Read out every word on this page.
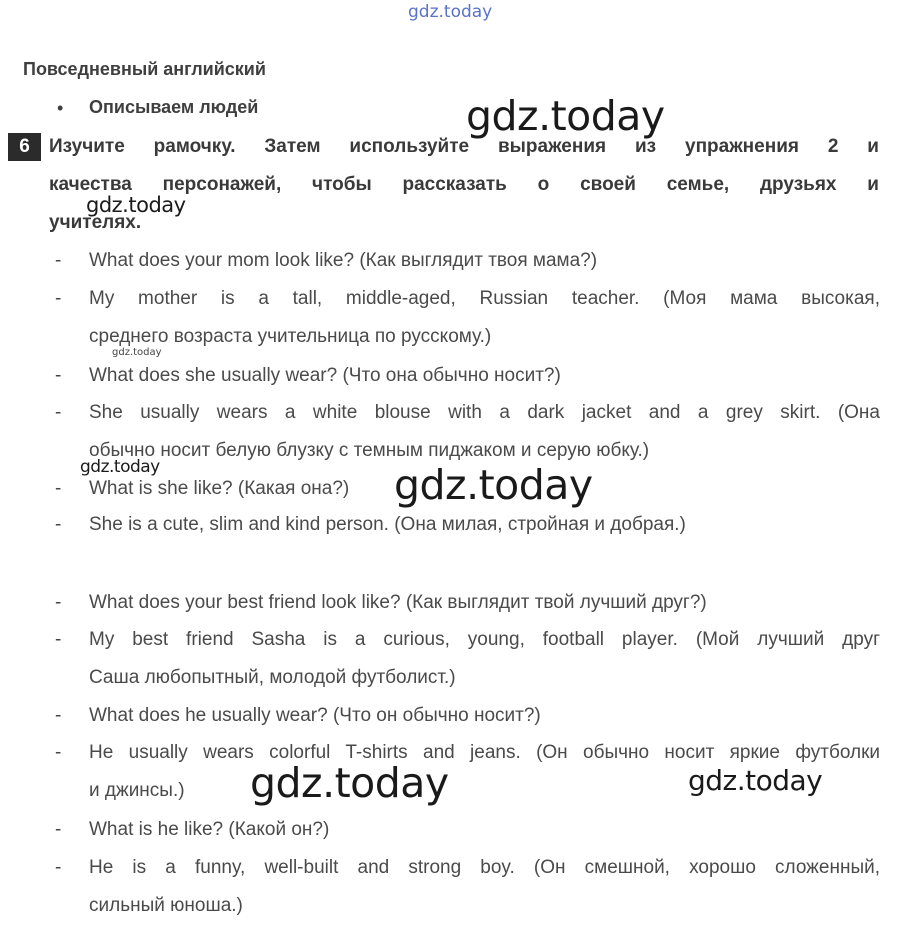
gdz.today
gdz.today
gdz.today
gdz.today
gdz.today	gdz.today
gdz.today	gdz.today
Повседневный английский
• Описываем людей
6	Изучите рамочку. Затем используйте выражения из упражнения 2 и
качества персонажей, чтобы рассказать о своей семье, друзьях и
учителях.
- What does your mom look like? (Как выглядит твоя мама?)
- My mother is a tall, middle-aged, Russian teacher. (Моя мама высокая,
среднего возраста учительница по русскому.)
- What does she usually wear? (Что она обычно носит?)
- She usually wears a white blouse with a dark jacket and a grey skirt. (Она
обычно носит белую блузку с темным пиджаком и серую юбку.)
- What is she like? (Какая она?)
- She is a cute, slim and kind person. (Она милая, стройная и добрая.)
- What does your best friend look like? (Как выглядит твой лучший друг?)
- My best friend Sasha is a curious, young, football player. (Мой лучший друг
Саша любопытный, молодой футболист.)
- What does he usually wear? (Что он обычно носит?)
- He usually wears colorful T-shirts and jeans. (Он обычно носит яркие футболки
и джинсы.)
- What is he like? (Какой он?)
- He is a funny, well-built and strong boy. (Он смешной, хорошо сложенный,
сильный юноша.)
